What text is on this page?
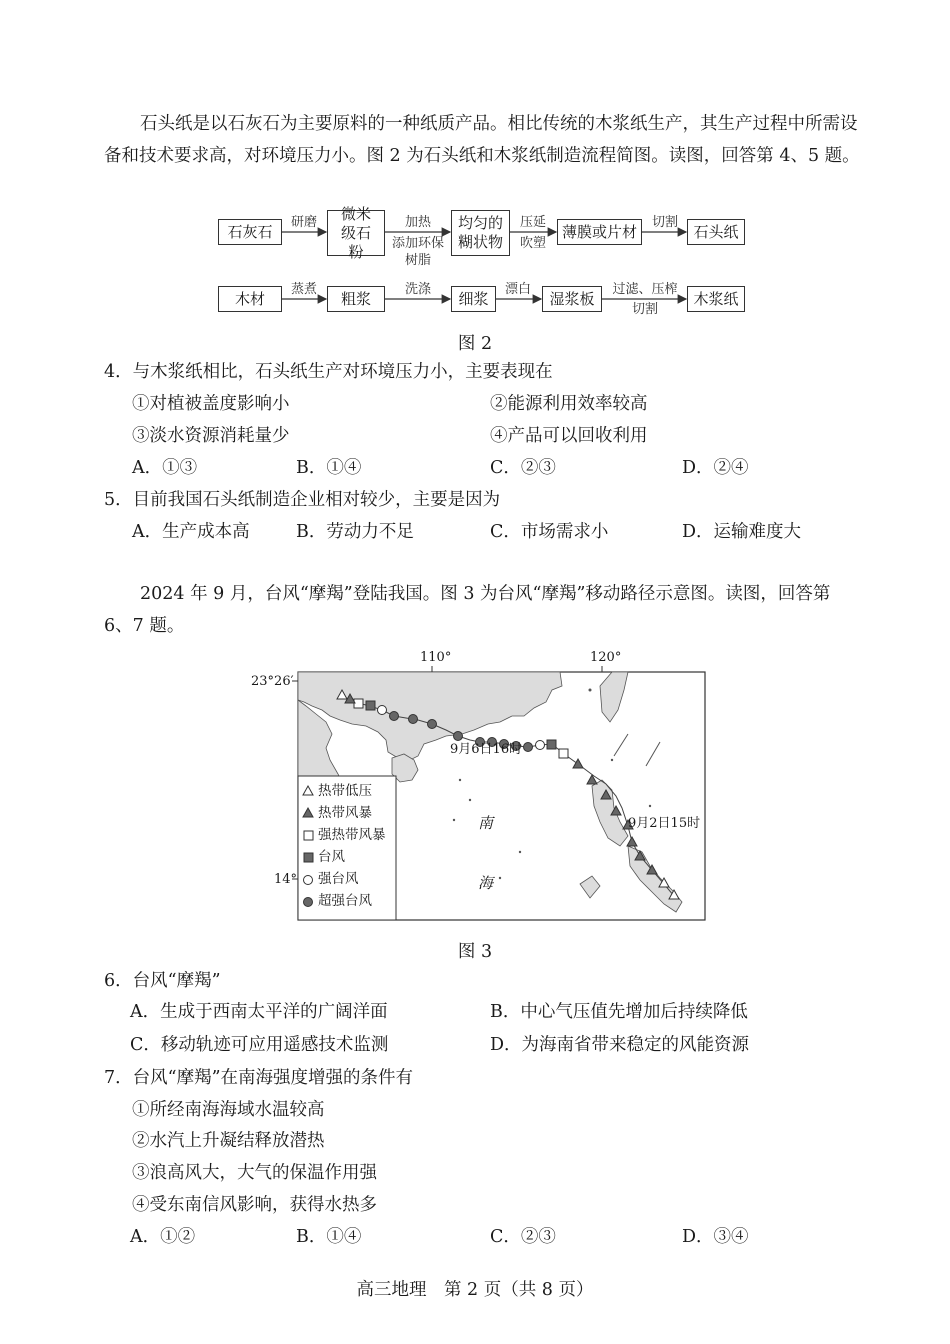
石头纸是以石灰石为主要原料的一种纸质产品。相比传统的木浆纸生产，其生产过程中所需设备和技术要求高，对环境压力小。图 2 为石头纸和木浆纸制造流程简图。读图，回答第 4、5 题。
石灰石
微米级石粉
均匀的糊状物
薄膜或片材	石头纸
研磨	加热
添加环保树脂
压延
吹塑
切割
木材	粗浆	细浆	湿浆板	木浆纸
蒸煮	洗涤	漂白	过滤、压榨
切割
图 2
4．与木浆纸相比，石头纸生产对环境压力小，主要表现在
①对植被盖度影响小	②能源利用效率较高
③淡水资源消耗量少	④产品可以回收利用
A．①③	B．①④	C．②③	D．②④
5．目前我国石头纸制造企业相对较少，主要是因为
A．生产成本高	B．劳动力不足	C．市场需求小	D．运输难度大
2024 年 9 月，台风“摩羯”登陆我国。图 3 为台风“摩羯”移动路径示意图。读图，回答第 6、7 题。
110°	120°
23°26′
14°
南
海
9月6日16时
9月2日15时
热带低压
热带风暴
强热带风暴
台风
强台风
超强台风
图 3
6．台风“摩羯”
A．生成于西南太平洋的广阔洋面	B．中心气压值先增加后持续降低
C．移动轨迹可应用遥感技术监测	D．为海南省带来稳定的风能资源
7．台风“摩羯”在南海强度增强的条件有
①所经南海海域水温较高
②水汽上升凝结释放潜热
③浪高风大，大气的保温作用强
④受东南信风影响，获得水热多
A．①②	B．①④	C．②③	D．③④
高三地理　第 2 页（共 8 页）
